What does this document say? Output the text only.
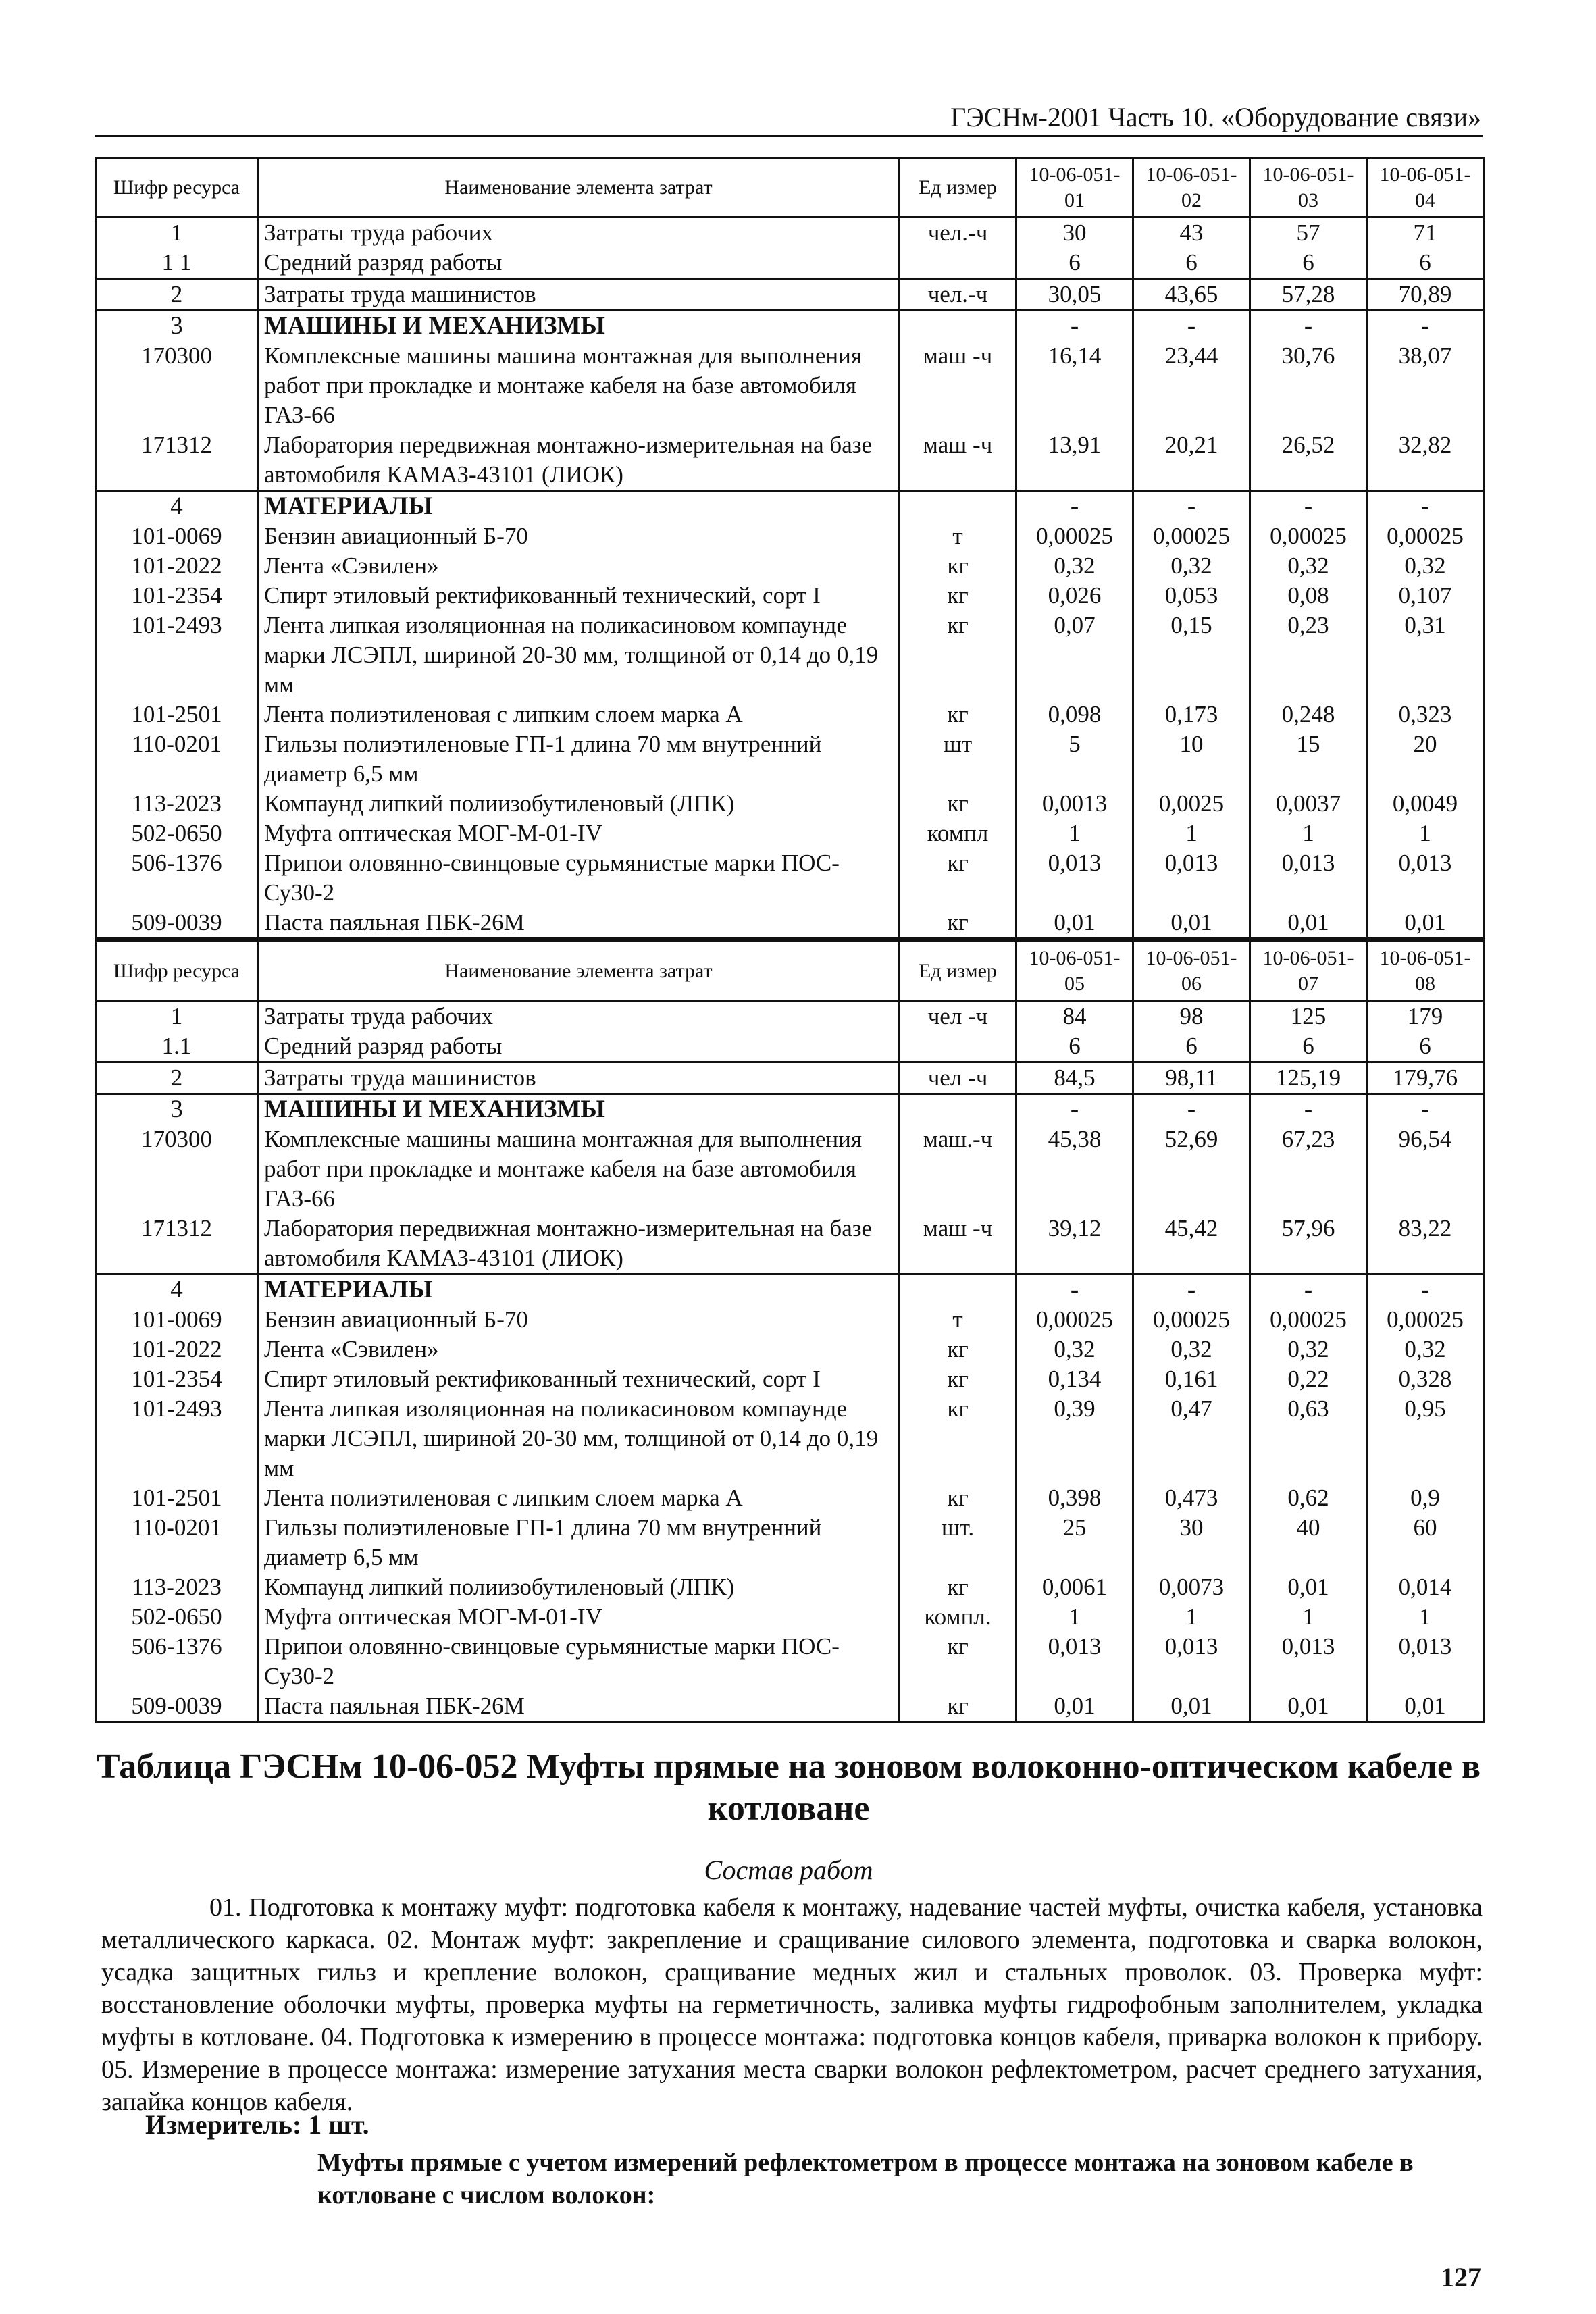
ГЭСНм-2001 Часть 10. «Оборудование связи»
Шифр ресурса	Наименование элемента затрат	Ед измер	10-06-051-01	10-06-051-02	10-06-051-03	10-06-051-04
1	Затраты труда рабочих	чел.-ч	30	43	57	71
1 1	Средний разряд работы		6	6	6	6
2	Затраты труда машинистов	чел.-ч	30,05	43,65	57,28	70,89
3	МАШИНЫ И МЕХАНИЗМЫ		-	-	-	-
170300	Комплексные машины машина монтажная для выполнения работ при прокладке и монтаже кабеля на базе автомобиля ГАЗ-66	маш -ч	16,14	23,44	30,76	38,07
171312	Лаборатория передвижная монтажно-измерительная на базе автомобиля КАМАЗ-43101 (ЛИОК)	маш -ч	13,91	20,21	26,52	32,82
4	МАТЕРИАЛЫ		-	-	-	-
101-0069	Бензин авиационный Б-70	т	0,00025	0,00025	0,00025	0,00025
101-2022	Лента «Сэвилен»	кг	0,32	0,32	0,32	0,32
101-2354	Спирт этиловый ректификованный технический, сорт I	кг	0,026	0,053	0,08	0,107
101-2493	Лента липкая изоляционная на поликасиновом компаунде марки ЛСЭПЛ, шириной 20-30 мм, толщиной от 0,14 до 0,19 мм	кг	0,07	0,15	0,23	0,31
101-2501	Лента полиэтиленовая с липким слоем марка А	кг	0,098	0,173	0,248	0,323
110-0201	Гильзы полиэтиленовые ГП-1 длина 70 мм внутренний диаметр 6,5 мм	шт	5	10	15	20
113-2023	Компаунд липкий полиизобутиленовый (ЛПК)	кг	0,0013	0,0025	0,0037	0,0049
502-0650	Муфта оптическая МОГ-М-01-IV	компл	1	1	1	1
506-1376	Припои оловянно-свинцовые сурьмянистые марки ПОС-Су30-2	кг	0,013	0,013	0,013	0,013
509-0039	Паста паяльная ПБК-26М	кг	0,01	0,01	0,01	0,01
Шифр ресурса	Наименование элемента затрат	Ед измер	10-06-051-05	10-06-051-06	10-06-051-07	10-06-051-08
1	Затраты труда рабочих	чел -ч	84	98	125	179
1.1	Средний разряд работы		6	6	6	6
2	Затраты труда машинистов	чел -ч	84,5	98,11	125,19	179,76
3	МАШИНЫ И МЕХАНИЗМЫ		-	-	-	-
170300	Комплексные машины машина монтажная для выполнения работ при прокладке и монтаже кабеля на базе автомобиля ГАЗ-66	маш.-ч	45,38	52,69	67,23	96,54
171312	Лаборатория передвижная монтажно-измерительная на базе автомобиля КАМАЗ-43101 (ЛИОК)	маш -ч	39,12	45,42	57,96	83,22
4	МАТЕРИАЛЫ		-	-	-	-
101-0069	Бензин авиационный Б-70	т	0,00025	0,00025	0,00025	0,00025
101-2022	Лента «Сэвилен»	кг	0,32	0,32	0,32	0,32
101-2354	Спирт этиловый ректификованный технический, сорт I	кг	0,134	0,161	0,22	0,328
101-2493	Лента липкая изоляционная на поликасиновом компаунде марки ЛСЭПЛ, шириной 20-30 мм, толщиной от 0,14 до 0,19 мм	кг	0,39	0,47	0,63	0,95
101-2501	Лента полиэтиленовая с липким слоем марка А	кг	0,398	0,473	0,62	0,9
110-0201	Гильзы полиэтиленовые ГП-1 длина 70 мм внутренний диаметр 6,5 мм	шт.	25	30	40	60
113-2023	Компаунд липкий полиизобутиленовый (ЛПК)	кг	0,0061	0,0073	0,01	0,014
502-0650	Муфта оптическая МОГ-М-01-IV	компл.	1	1	1	1
506-1376	Припои оловянно-свинцовые сурьмянистые марки ПОС-Су30-2	кг	0,013	0,013	0,013	0,013
509-0039	Паста паяльная ПБК-26М	кг	0,01	0,01	0,01	0,01
Таблица ГЭСНм 10-06-052 Муфты прямые на зоновом волоконно-оптическом кабеле в котловане
Состав работ
01. Подготовка к монтажу муфт: подготовка кабеля к монтажу, надевание частей муфты, очистка кабеля, установка металлического каркаса. 02. Монтаж муфт: закрепление и сращивание силового элемента, подготовка и сварка волокон, усадка защитных гильз и крепление волокон, сращивание медных жил и стальных проволок. 03. Проверка муфт: восстановление оболочки муфты, проверка муфты на герметичность, заливка муфты гидрофобным заполнителем, укладка муфты в котловане. 04. Подготовка к измерению в процессе монтажа: подготовка концов кабеля, приварка волокон к прибору. 05. Измерение в процессе монтажа: измерение затухания места сварки волокон рефлектометром, расчет среднего затухания, запайка концов кабеля.
Измеритель: 1 шт.
Муфты прямые с учетом измерений рефлектометром в процессе монтажа на зоновом кабеле в котловане с числом волокон:
127
